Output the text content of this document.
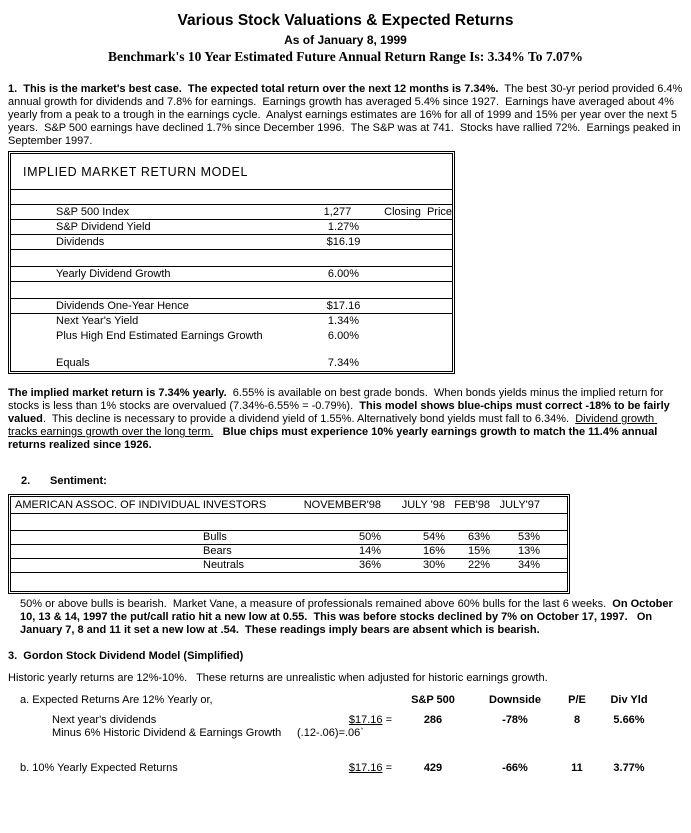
Various Stock Valuations & Expected Returns
As of January 8, 1999
Benchmark's 10 Year Estimated Future Annual Return Range Is: 3.34% To 7.07%

1.  This is the market's best case.  The expected total return over the next 12 months is 7.34%.  The best 30-yr period provided 6.4% annual growth for dividends and 7.8% for earnings.  Earnings growth has averaged 5.4% since 1927.  Earnings have averaged about 4% yearly from a peak to a trough in the earnings cycle.  Analyst earnings estimates are 16% for all of 1999 and 15% per year over the next 5 years.  S&P 500 earnings have declined 1.7% since December 1996.  The S&P was at 741.  Stocks have rallied 72%.  Earnings peaked in September 1997.

IMPLIED MARKET RETURN MODEL
S&P 500 Index	1,277	Closing  Price
S&P Dividend Yield	1.27%
Dividends	$16.19
Yearly Dividend Growth	6.00%
Dividends One-Year Hence	$17.16
Next Year's Yield	1.34%
Plus High End Estimated Earnings Growth	6.00%
Equals	7.34%

The implied market return is 7.34% yearly.  6.55% is available on best grade bonds.  When bonds yields minus the implied return for stocks is less than 1% stocks are overvalued (7.34%-6.55% = -0.79%).  This model shows blue-chips must correct -18% to be fairly valued.  This decline is necessary to provide a dividend yield of 1.55%. Alternatively bond yields must fall to 6.34%.  Dividend growth tracks earnings growth over the long term.   Blue chips must experience 10% yearly earnings growth to match the 11.4% annual returns realized since 1926.

2. Sentiment:
AMERICAN ASSOC. OF INDIVIDUAL INVESTORS	NOVEMBER'98	JULY '98 FEB'98 JULY'97
Bulls	50%	54%	63%	53%
Bears	14%	16%	15%	13%
Neutrals	36%	30%	22%	34%

50% or above bulls is bearish.  Market Vane, a measure of professionals remained above 60% bulls for the last 6 weeks.  On October 10, 13 & 14, 1997 the put/call ratio hit a new low at 0.55.  This was before stocks declined by 7% on October 17, 1997.   On January 7, 8 and 11 it set a new low at .54.  These readings imply bears are absent which is bearish.

3.  Gordon Stock Dividend Model (Simplified)

Historic yearly returns are 12%-10%.   These returns are unrealistic when adjusted for historic earnings growth.

a. Expected Returns Are 12% Yearly or,	S&P 500	Downside	P/E	Div Yld
Next year's dividends	$17.16 =	286	-78%	8	5.66%
Minus 6% Historic Dividend & Earnings Growth	(.12-.06)=.06`
b. 10% Yearly Expected Returns	$17.16 =	429	-66%	11	3.77%
